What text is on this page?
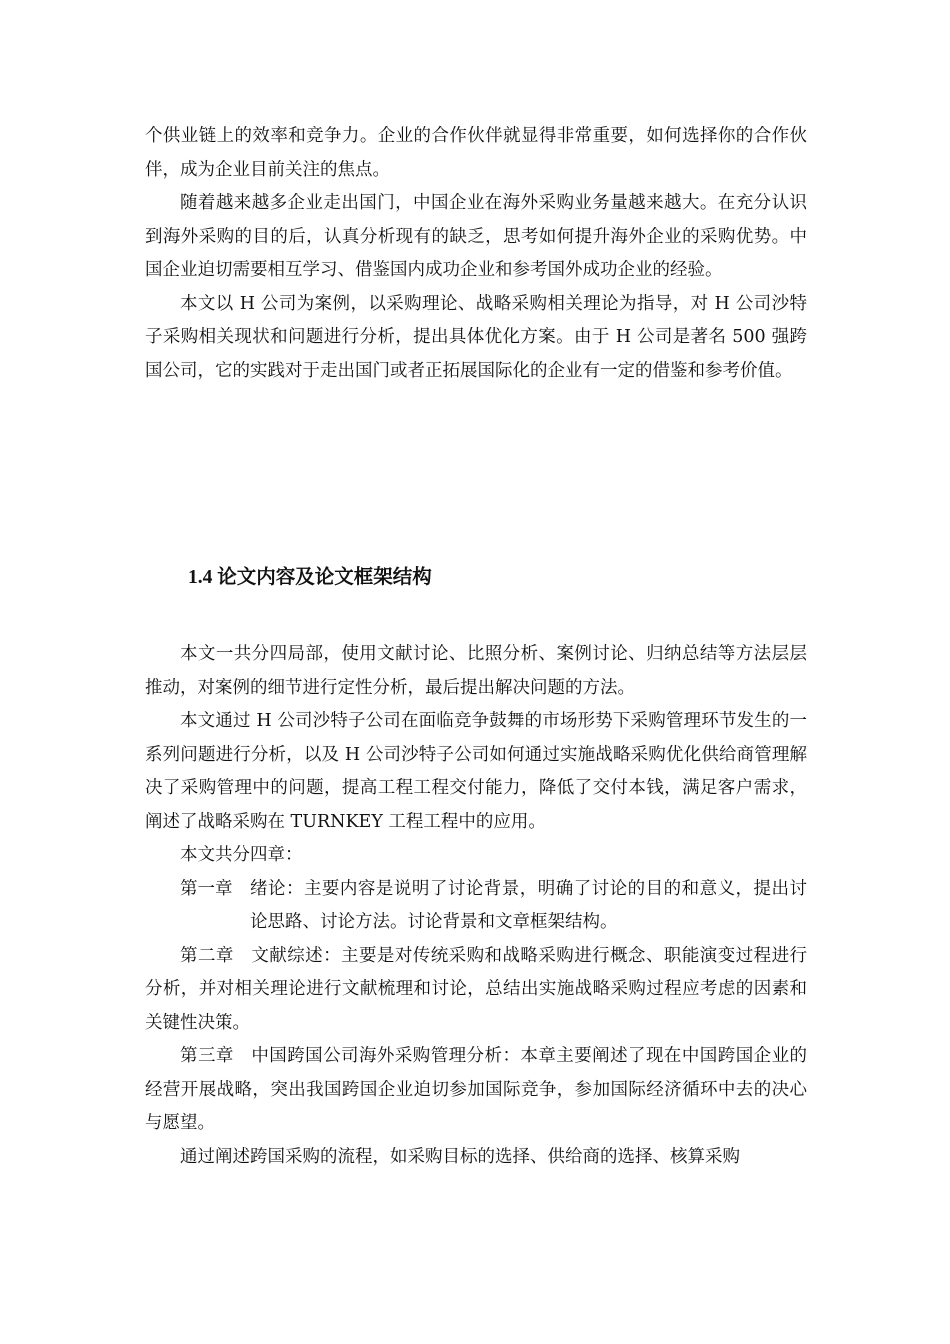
个供业链上的效率和竞争力。企业的合作伙伴就显得非常重要，如何选择你的合作伙伴，成为企业目前关注的焦点。

随着越来越多企业走出国门，中国企业在海外采购业务量越来越大。在充分认识到海外采购的目的后，认真分析现有的缺乏，思考如何提升海外企业的采购优势。中国企业迫切需要相互学习、借鉴国内成功企业和参考国外成功企业的经验。

本文以 H 公司为案例，以采购理论、战略采购相关理论为指导，对 H 公司沙特子采购相关现状和问题进行分析，提出具体优化方案。由于 H 公司是著名 500 强跨国公司，它的实践对于走出国门或者正拓展国际化的企业有一定的借鉴和参考价值。

1.4 论文内容及论文框架结构

本文一共分四局部，使用文献讨论、比照分析、案例讨论、归纳总结等方法层层推动，对案例的细节进行定性分析，最后提出解决问题的方法。

本文通过 H 公司沙特子公司在面临竞争鼓舞的市场形势下采购管理环节发生的一系列问题进行分析，以及 H 公司沙特子公司如何通过实施战略采购优化供给商管理解决了采购管理中的问题，提高工程工程交付能力，降低了交付本钱，满足客户需求，阐述了战略采购在 TURNKEY 工程工程中的应用。

本文共分四章：

第一章	绪论：主要内容是说明了讨论背景，明确了讨论的目的和意义，提出讨论思路、讨论方法。讨论背景和文章框架结构。

第二章 文献综述：主要是对传统采购和战略采购进行概念、职能演变过程进行分析，并对相关理论进行文献梳理和讨论，总结出实施战略采购过程应考虑的因素和关键性决策。

第三章 中国跨国公司海外采购管理分析：本章主要阐述了现在中国跨国企业的经营开展战略，突出我国跨国企业迫切参加国际竞争，参加国际经济循环中去的决心与愿望。

通过阐述跨国采购的流程，如采购目标的选择、供给商的选择、核算采购
